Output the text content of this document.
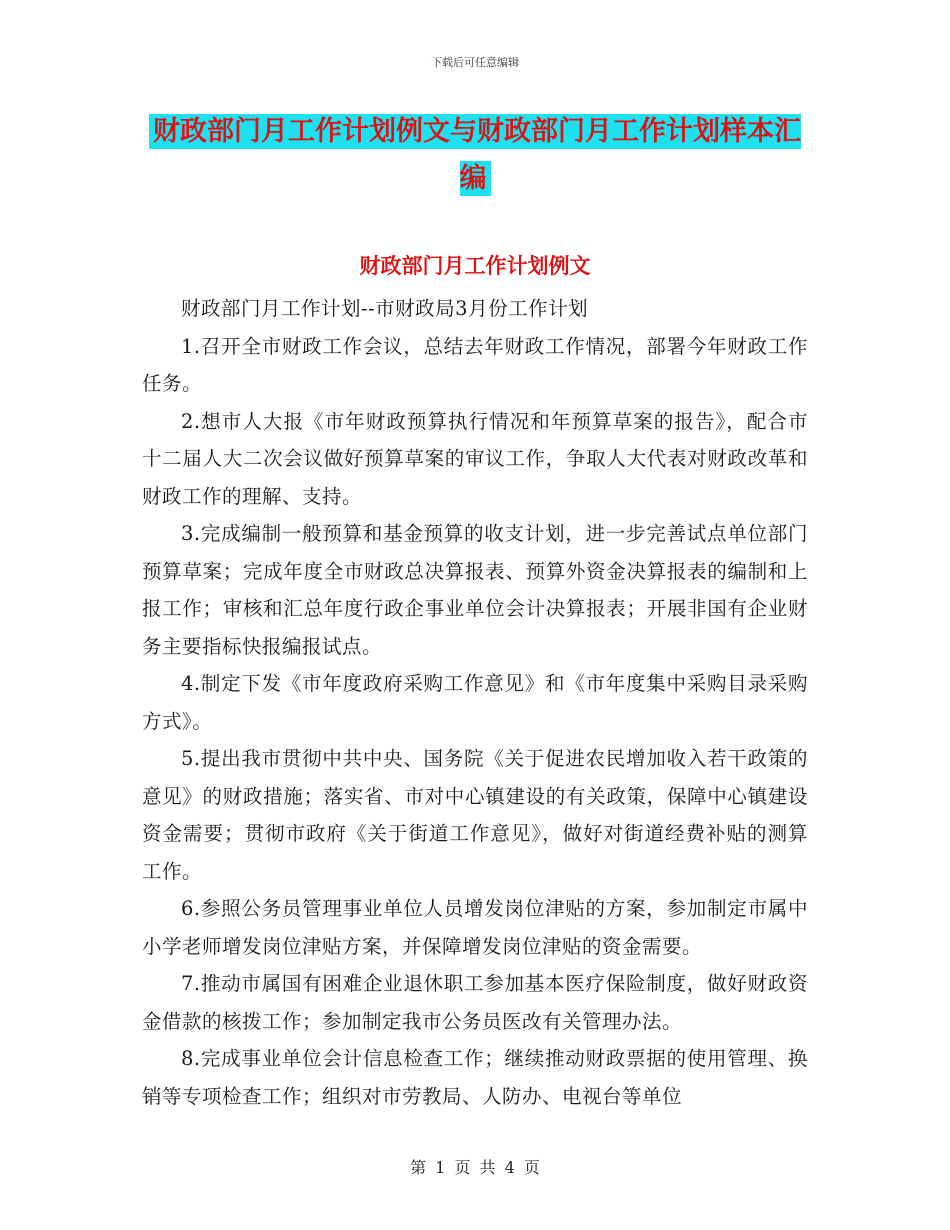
下载后可任意编辑
财政部门月工作计划例文与财政部门月工作计划样本汇编
财政部门月工作计划例文

财政部门月工作计划--市财政局3月份工作计划

1.召开全市财政工作会议，总结去年财政工作情况，部署今年财政工作任务。

2.想市人大报《市年财政预算执行情况和年预算草案的报告》，配合市十二届人大二次会议做好预算草案的审议工作，争取人大代表对财政改革和财政工作的理解、支持。

3.完成编制一般预算和基金预算的收支计划，进一步完善试点单位部门预算草案；完成年度全市财政总决算报表、预算外资金决算报表的编制和上报工作；审核和汇总年度行政企事业单位会计决算报表；开展非国有企业财务主要指标快报编报试点。

4.制定下发《市年度政府采购工作意见》和《市年度集中采购目录采购方式》。

5.提出我市贯彻中共中央、国务院《关于促进农民增加收入若干政策的意见》的财政措施；落实省、市对中心镇建设的有关政策，保障中心镇建设资金需要；贯彻市政府《关于街道工作意见》，做好对街道经费补贴的测算工作。

6.参照公务员管理事业单位人员增发岗位津贴的方案，参加制定市属中小学老师增发岗位津贴方案，并保障增发岗位津贴的资金需要。

7.推动市属国有困难企业退休职工参加基本医疗保险制度，做好财政资金借款的核拨工作；参加制定我市公务员医改有关管理办法。

8.完成事业单位会计信息检查工作；继续推动财政票据的使用管理、换销等专项检查工作；组织对市劳教局、人防办、电视台等单位

第 1 页 共 4 页
